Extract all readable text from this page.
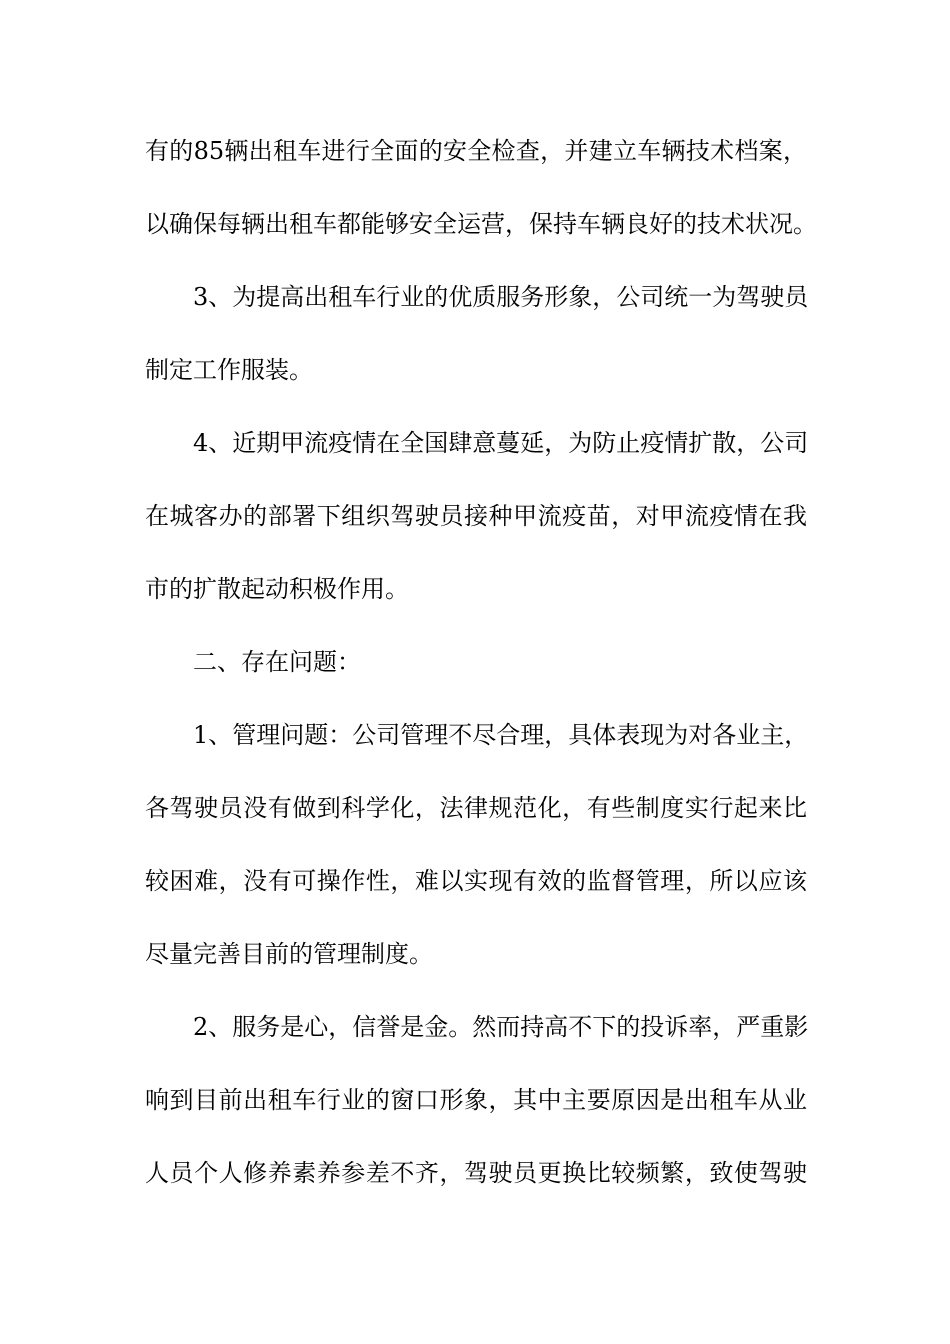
有的85辆出租车进行全面的安全检查，并建立车辆技术档案，
以确保每辆出租车都能够安全运营，保持车辆良好的技术状况。
3、为提高出租车行业的优质服务形象，公司统一为驾驶员
制定工作服装。
4、近期甲流疫情在全国肆意蔓延，为防止疫情扩散，公司
在城客办的部署下组织驾驶员接种甲流疫苗，对甲流疫情在我
市的扩散起动积极作用。
二、存在问题：
1、管理问题：公司管理不尽合理，具体表现为对各业主，
各驾驶员没有做到科学化，法律规范化，有些制度实行起来比
较困难，没有可操作性，难以实现有效的监督管理，所以应该
尽量完善目前的管理制度。
2、服务是心，信誉是金。然而持高不下的投诉率，严重影
响到目前出租车行业的窗口形象，其中主要原因是出租车从业
人员个人修养素养参差不齐，驾驶员更换比较频繁，致使驾驶
